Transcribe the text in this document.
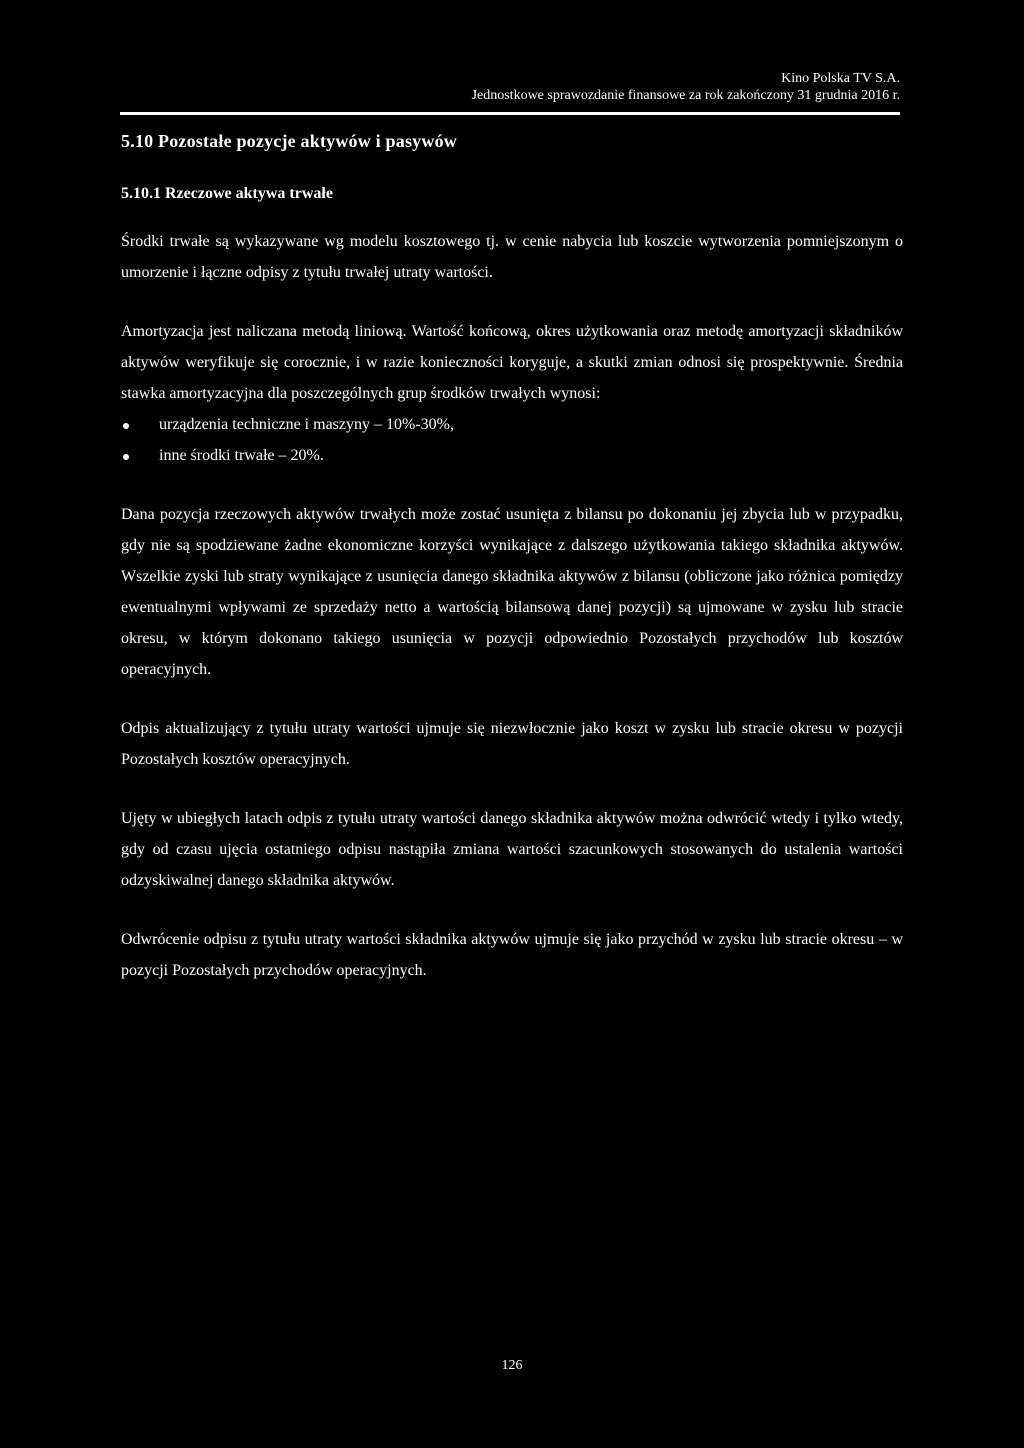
Kino Polska TV S.A.
Jednostkowe sprawozdanie finansowe za rok zakończony 31 grudnia 2016 r.
5.10 Pozostałe pozycje aktywów i pasywów
5.10.1 Rzeczowe aktywa trwałe

Środki trwałe są wykazywane wg modelu kosztowego tj. w cenie nabycia lub koszcie wytworzenia pomniejszonym o umorzenie i łączne odpisy z tytułu trwałej utraty wartości.

Amortyzacja jest naliczana metodą liniową. Wartość końcową, okres użytkowania oraz metodę amortyzacji składników aktywów weryfikuje się corocznie, i w razie konieczności koryguje, a skutki zmian odnosi się prospektywnie. Średnia stawka amortyzacyjna dla poszczególnych grup środków trwałych wynosi:

urządzenia techniczne i maszyny – 10%-30%,
inne środki trwałe – 20%.

Dana pozycja rzeczowych aktywów trwałych może zostać usunięta z bilansu po dokonaniu jej zbycia lub w przypadku, gdy nie są spodziewane żadne ekonomiczne korzyści wynikające z dalszego użytkowania takiego składnika aktywów. Wszelkie zyski lub straty wynikające z usunięcia danego składnika aktywów z bilansu (obliczone jako różnica pomiędzy ewentualnymi wpływami ze sprzedaży netto a wartością bilansową danej pozycji) są ujmowane w zysku lub stracie okresu, w którym dokonano takiego usunięcia w pozycji odpowiednio Pozostałych przychodów lub kosztów operacyjnych.

Odpis aktualizujący z tytułu utraty wartości ujmuje się niezwłocznie jako koszt w zysku lub stracie okresu w pozycji Pozostałych kosztów operacyjnych.

Ujęty w ubiegłych latach odpis z tytułu utraty wartości danego składnika aktywów można odwrócić wtedy i tylko wtedy, gdy od czasu ujęcia ostatniego odpisu nastąpiła zmiana wartości szacunkowych stosowanych do ustalenia wartości odzyskiwalnej danego składnika aktywów.

Odwrócenie odpisu z tytułu utraty wartości składnika aktywów ujmuje się jako przychód w zysku lub stracie okresu – w pozycji Pozostałych przychodów operacyjnych.

126
